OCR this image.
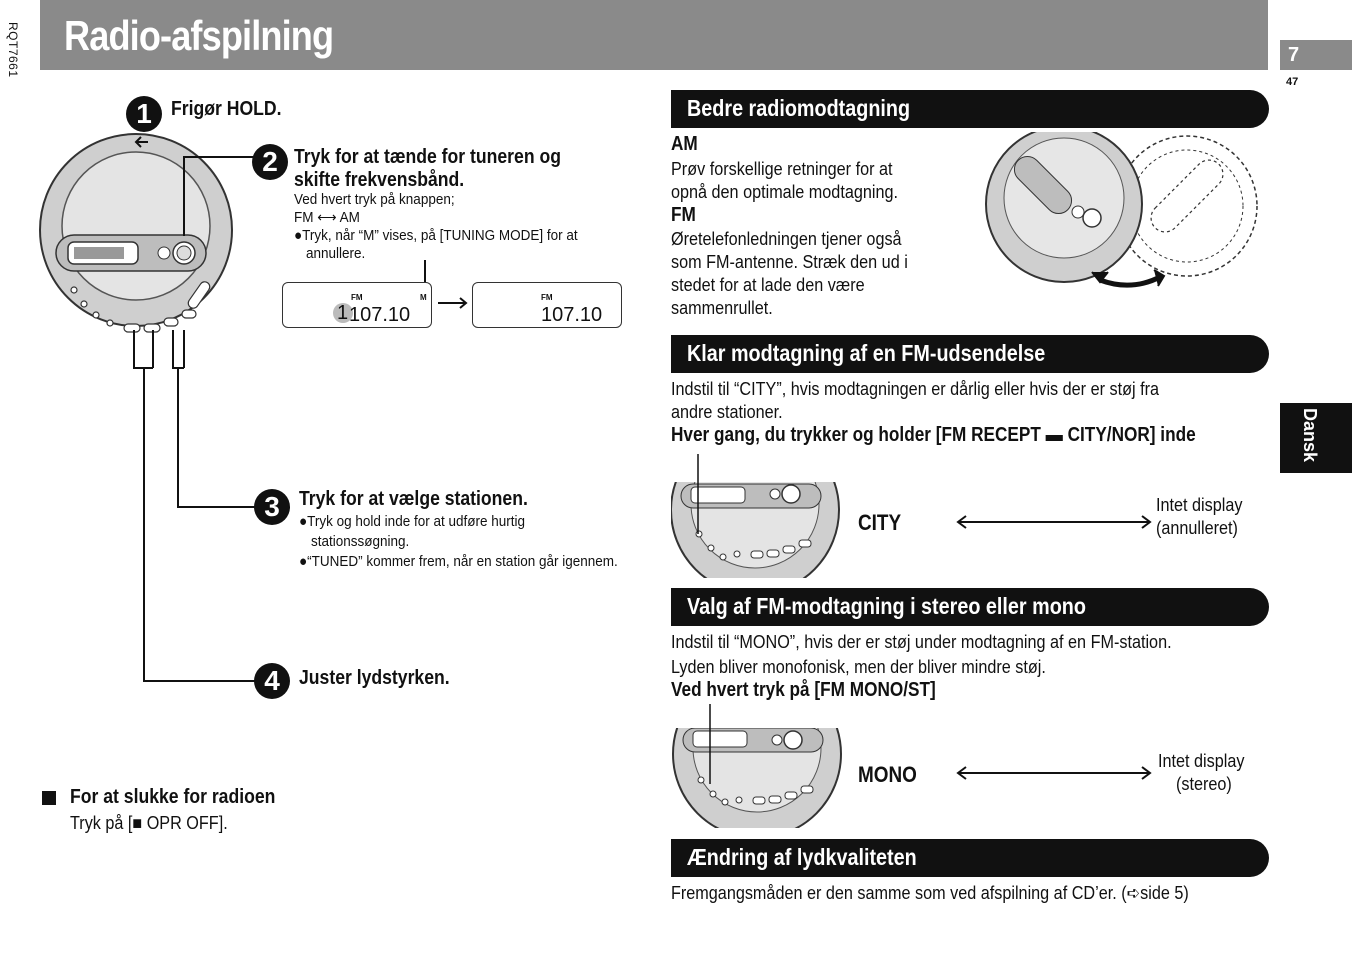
Radio-afspilning
RQT7661	7
47
Dansk
1 Frigør HOLD.
2 Tryk for at tænde for tuneren og
skifte frekvensbånd.
Ved hvert tryk på knappen;
FM ⟷ AM
●Tryk, når “M” vises, på [TUNING MODE] for at
annullere.
FM	M
1 107.10
FM
107.10
3 Tryk for at vælge stationen.
●Tryk og hold inde for at udføre hurtig
stationssøgning.
●“TUNED” kommer frem, når en station går igennem.
4 Juster lydstyrken.
For at slukke for radioen
Tryk på [■ OPR OFF].
Bedre radiomodtagning
AM
Prøv forskellige retninger for at
opnå den optimale modtagning.
FM
Øretelefonledningen tjener også
som FM-antenne. Stræk den ud i
stedet for at lade den være
sammenrullet.
Klar modtagning af en FM-udsendelse
Indstil til “CITY”, hvis modtagningen er dårlig eller hvis der er støj fra
andre stationer.
Hver gang, du trykker og holder [FM RECEPT ▬ CITY/NOR] inde
CITY
Intet display
(annulleret)
Valg af FM-modtagning i stereo eller mono
Indstil til “MONO”, hvis der er støj under modtagning af en FM-station.
Lyden bliver monofonisk, men der bliver mindre støj.
Ved hvert tryk på [FM MONO/ST]
MONO
Intet display
(stereo)
Ændring af lydkvaliteten
Fremgangsmåden er den samme som ved afspilning af CD’er. (➪side 5)
